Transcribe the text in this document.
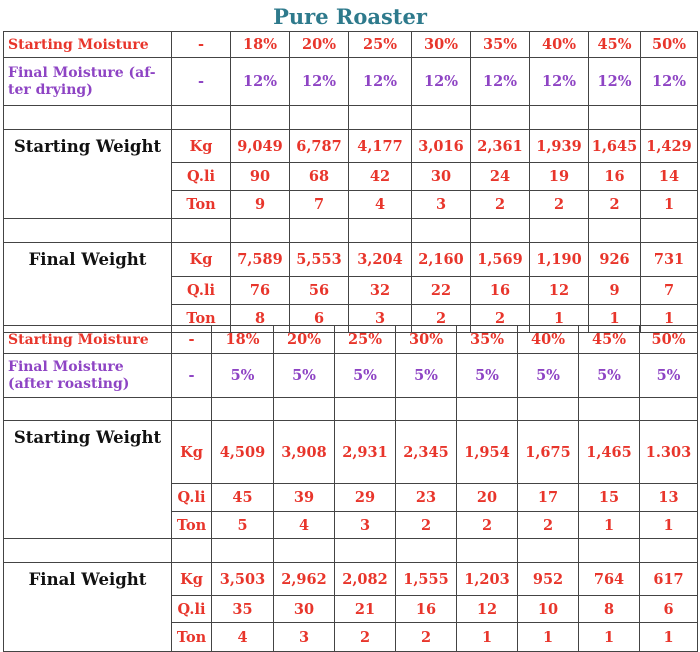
Pure Roaster
Starting Moisture	-	18%	20%	25%	30%	35%	40%	45%	50%
Final Moisture (af-ter drying)	-	12%	12%	12%	12%	12%	12%	12%	12%

Starting Weight	Kg	9,049	6,787	4,177	3,016	2,361	1,939	1,645	1,429
	Q.li	90	68	42	30	24	19	16	14
	Ton	9	7	4	3	2	2	2	1

Final Weight	Kg	7,589	5,553	3,204	2,160	1,569	1,190	926	731
	Q.li	76	56	32	22	16	12	9	7
	Ton	8	6	3	2	2	1	1	1
Starting Moisture	-	18%	20%	25%	30%	35%	40%	45%	50%
Final Moisture (after roasting)	-	5%	5%	5%	5%	5%	5%	5%	5%

Starting Weight	Kg	4,509	3,908	2,931	2,345	1,954	1,675	1,465	1.303
	Q.li	45	39	29	23	20	17	15	13
	Ton	5	4	3	2	2	2	1	1

Final Weight	Kg	3,503	2,962	2,082	1,555	1,203	952	764	617
	Q.li	35	30	21	16	12	10	8	6
	Ton	4	3	2	2	1	1	1	1
